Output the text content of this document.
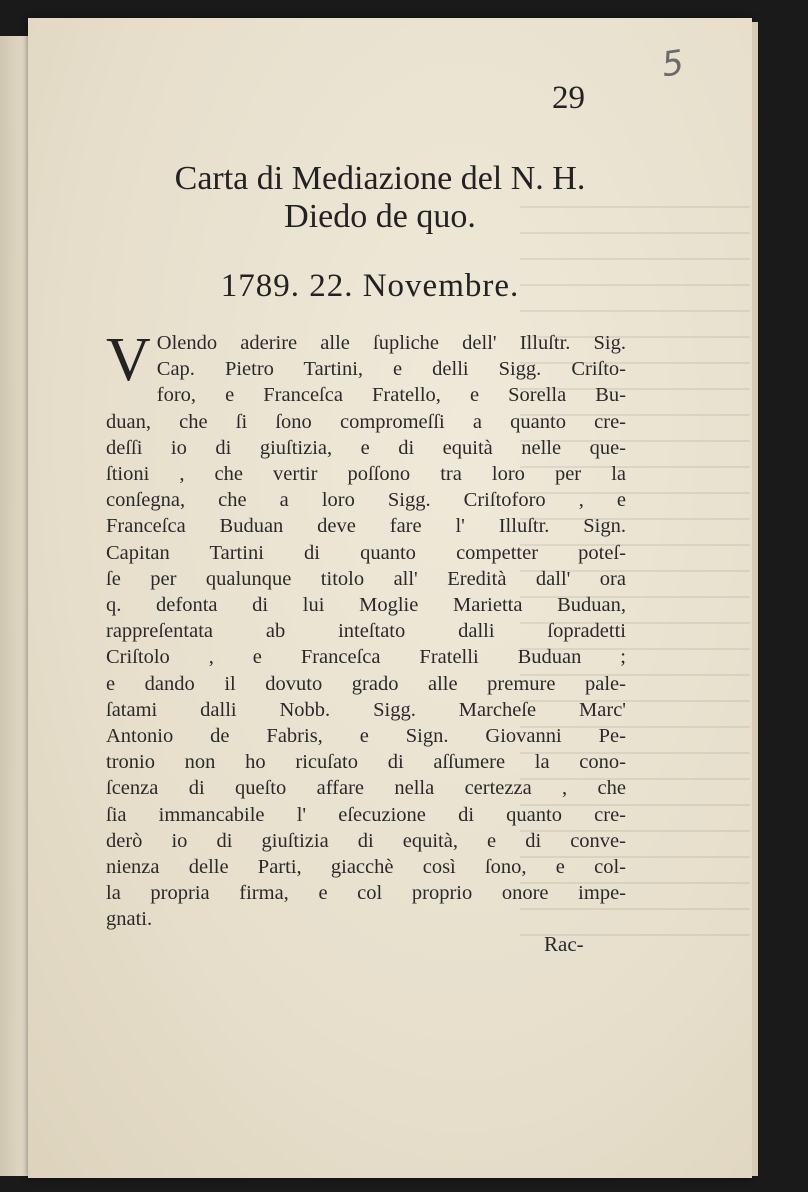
5
29
Carta di Mediazione del N. H.
Diedo de quo.
1789. 22. Novembre.
V Olendo aderire alle ſupliche dell' Illuſtr. Sig.
Cap. Pietro Tartini, e delli Sigg. Criſto-
foro, e Franceſca Fratello, e Sorella Bu-
duan, che ſi ſono compromeſſi a quanto cre-
deſſi io di giuſtizia, e di equità nelle que-
ſtioni , che vertir poſſono tra loro per la
conſegna, che a loro Sigg. Criſtoforo , e
Franceſca Buduan deve fare l' Illuſtr. Sign.
Capitan Tartini di quanto competter poteſ-
ſe per qualunque titolo all' Eredità dall' ora
q. defonta di lui Moglie Marietta Buduan,
rappreſentata ab inteſtato dalli ſopradetti
Criſtolo , e Franceſca Fratelli Buduan ;
e dando il dovuto grado alle premure pale-
ſatami dalli Nobb. Sigg. Marcheſe Marc'
Antonio de Fabris, e Sign. Giovanni Pe-
tronio non ho ricuſato di aſſumere la cono-
ſcenza di queſto affare nella certezza , che
ſia immancabile l' eſecuzione di quanto cre-
derò io di giuſtizia di equità, e di conve-
nienza delle Parti, giacchè così ſono, e col-
la propria firma, e col proprio onore impe-
gnati.
Rac-
